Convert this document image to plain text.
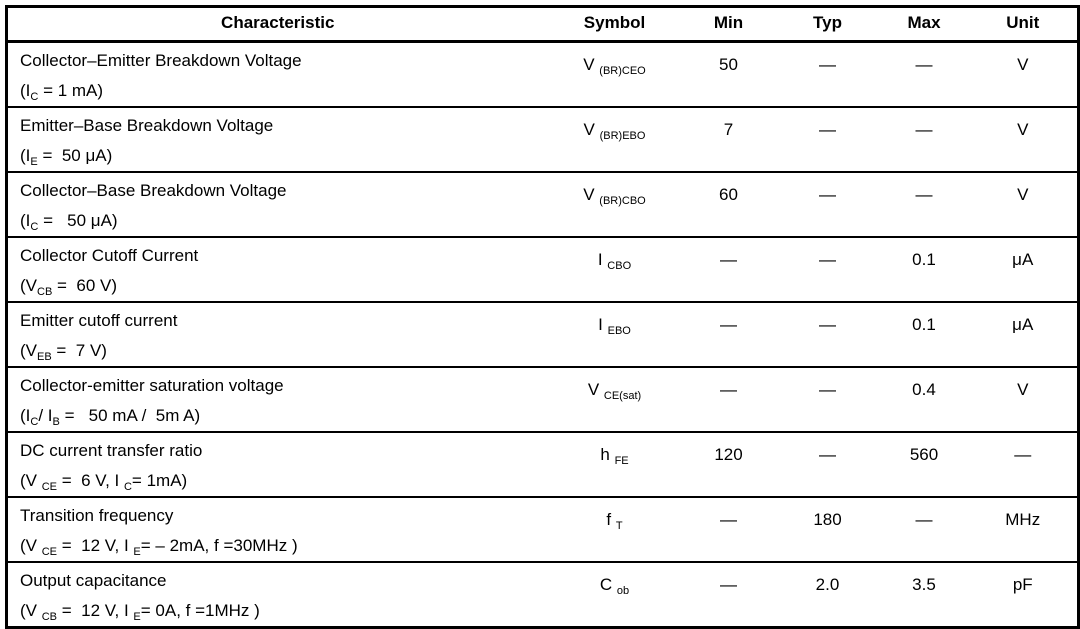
Characteristic	Symbol	Min	Typ	Max	Unit

Collector–Emitter Breakdown Voltage
($I_C = 1$ mA)	V $_{(BR)CEO}$	50	—	—	V

Emitter–Base Breakdown Voltage
($I_E = 50$ μA)	V $_{(BR)EBO}$	7	—	—	V

Collector–Base Breakdown Voltage
($I_C = 50$ μA)	V $_{(BR)CBO}$	60	—	—	V

Collector Cutoff Current
($V_{CB} = 60$ V)	I $_{CBO}$	—	—	0.1	μA

Emitter cutoff current
($V_{EB} = 7$ V)	I $_{EBO}$	—	—	0.1	μA

Collector-emitter saturation voltage
($I_C/$ $I_B = 50$ mA /  5m A)	V $_{CE(sat)}$	—	—	0.4	V

DC current transfer ratio
(V $_{CE}$ =  6 V, I $_C$= 1mA)	h $_{FE}$	120	—	560	—

Transition frequency
(V $_{CE}$ =  12 V, I $_E$= – 2mA, f =30MHz )	f $_T$	—	180	—	MHz

Output capacitance
(V $_{CB}$ =  12 V, I $_E$= 0A, f =1MHz )	C $_{ob}$	—	2.0	3.5	pF
